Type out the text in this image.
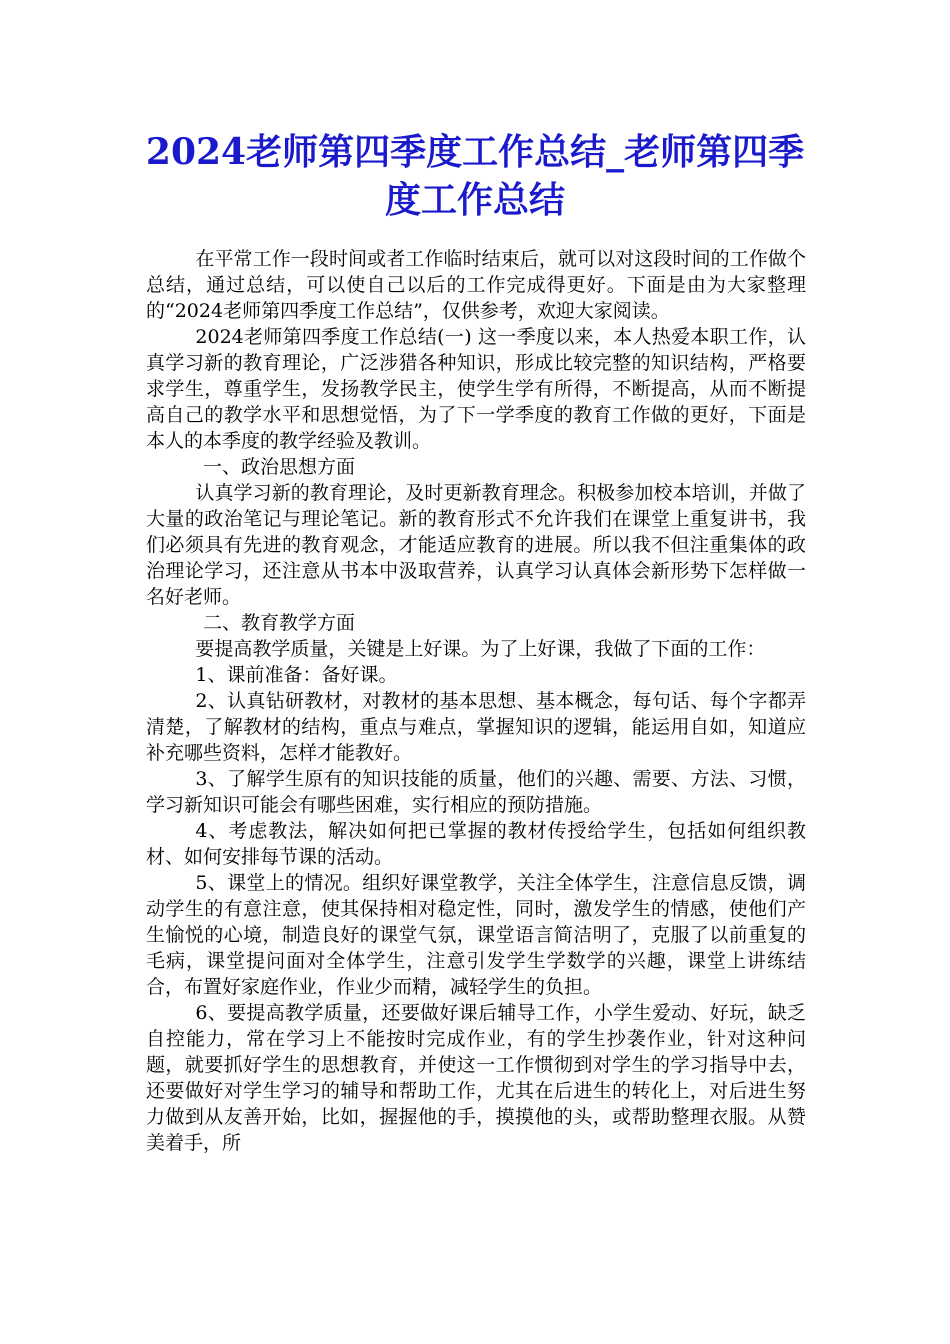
2024老师第四季度工作总结_老师第四季度工作总结

在平常工作一段时间或者工作临时结束后，就可以对这段时间的工作做个总结，通过总结，可以使自己以后的工作完成得更好。下面是由为大家整理的“2024老师第四季度工作总结”，仅供参考，欢迎大家阅读。

2024老师第四季度工作总结(一) 这一季度以来，本人热爱本职工作，认真学习新的教育理论，广泛涉猎各种知识，形成比较完整的知识结构，严格要求学生，尊重学生，发扬教学民主，使学生学有所得，不断提高，从而不断提高自己的教学水平和思想觉悟，为了下一学季度的教育工作做的更好，下面是本人的本季度的教学经验及教训。

一、政治思想方面

认真学习新的教育理论，及时更新教育理念。积极参加校本培训，并做了大量的政治笔记与理论笔记。新的教育形式不允许我们在课堂上重复讲书，我们必须具有先进的教育观念，才能适应教育的进展。所以我不但注重集体的政治理论学习，还注意从书本中汲取营养，认真学习认真体会新形势下怎样做一名好老师。

二、教育教学方面

要提高教学质量，关键是上好课。为了上好课，我做了下面的工作：

1、课前准备：备好课。

2、认真钻研教材，对教材的基本思想、基本概念，每句话、每个字都弄清楚，了解教材的结构，重点与难点，掌握知识的逻辑，能运用自如，知道应补充哪些资料，怎样才能教好。

3、了解学生原有的知识技能的质量，他们的兴趣、需要、方法、习惯，学习新知识可能会有哪些困难，实行相应的预防措施。

4、考虑教法，解决如何把已掌握的教材传授给学生，包括如何组织教材、如何安排每节课的活动。

5、课堂上的情况。组织好课堂教学，关注全体学生，注意信息反馈，调动学生的有意注意，使其保持相对稳定性，同时，激发学生的情感，使他们产生愉悦的心境，制造良好的课堂气氛，课堂语言简洁明了，克服了以前重复的毛病，课堂提问面对全体学生，注意引发学生学数学的兴趣，课堂上讲练结合，布置好家庭作业，作业少而精，减轻学生的负担。

6、要提高教学质量，还要做好课后辅导工作，小学生爱动、好玩，缺乏自控能力，常在学习上不能按时完成作业，有的学生抄袭作业，针对这种问题，就要抓好学生的思想教育，并使这一工作惯彻到对学生的学习指导中去，还要做好对学生学习的辅导和帮助工作，尤其在后进生的转化上，对后进生努力做到从友善开始，比如，握握他的手，摸摸他的头，或帮助整理衣服。从赞美着手，所
